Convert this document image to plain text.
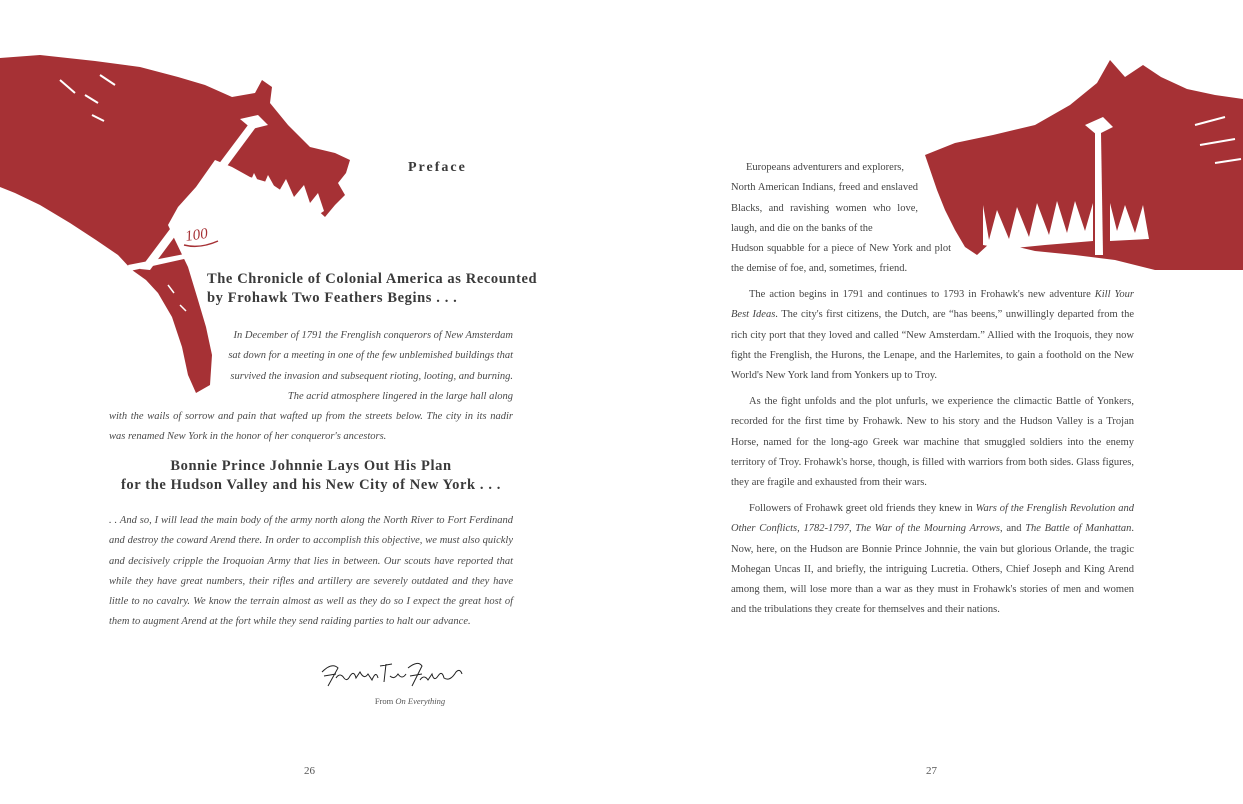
100
Preface
The Chronicle of Colonial America as Recounted by Frohawk Two Feathers Begins . . .

In December of 1791 the Frenglish conquerors of New Amsterdam sat down for a meeting in one of the few unblemished buildings that survived the invasion and subsequent rioting, looting, and burning. The acrid atmosphere lingered in the large hall along

with the wails of sorrow and pain that wafted up from the streets below. The city in its nadir was renamed New York in the honor of her conqueror's ancestors.

Bonnie Prince Johnnie Lays Out His Plan
for the Hudson Valley and his New City of New York . . .

. . And so, I will lead the main body of the army north along the North River to Fort Ferdinand and destroy the coward Arend there. In order to accomplish this objective, we must also quickly and decisively cripple the Iroquoian Army that lies in between. Our scouts have reported that while they have great numbers, their rifles and artillery are severely outdated and they have little to no cavalry. We know the terrain almost as well as they do so I expect the great host of them to augment Arend at the fort while they send raiding parties to halt our advance.

Frohawk Two Feathers
From On Everything
26

Europeans adventurers and explorers,

North American Indians, freed and enslaved Blacks, and ravishing women who love, laugh, and die on the banks of the

Hudson squabble for a piece of New York and plot the demise of foe, and, sometimes, friend.

The action begins in 1791 and continues to 1793 in Frohawk's new adventure Kill Your Best Ideas. The city's first citizens, the Dutch, are “has beens,” unwillingly departed from the rich city port that they loved and called “New Amsterdam.” Allied with the Iroquois, they now fight the Frenglish, the Hurons, the Lenape, and the Harlemites, to gain a foothold on the New World's New York land from Yonkers up to Troy.

As the fight unfolds and the plot unfurls, we experience the climactic Battle of Yonkers, recorded for the first time by Frohawk. New to his story and the Hudson Valley is a Trojan Horse, named for the long-ago Greek war machine that smuggled soldiers into the enemy territory of Troy. Frohawk's horse, though, is filled with warriors from both sides. Glass figures, they are fragile and exhausted from their wars.

Followers of Frohawk greet old friends they knew in Wars of the Frenglish Revolution and Other Conflicts, 1782-1797, The War of the Mourning Arrows, and The Battle of Manhattan. Now, here, on the Hudson are Bonnie Prince Johnnie, the vain but glorious Orlande, the tragic Mohegan Uncas II, and briefly, the intriguing Lucretia. Others, Chief Joseph and King Arend among them, will lose more than a war as they must in Frohawk's stories of men and women and the tribulations they create for themselves and their nations.

27
